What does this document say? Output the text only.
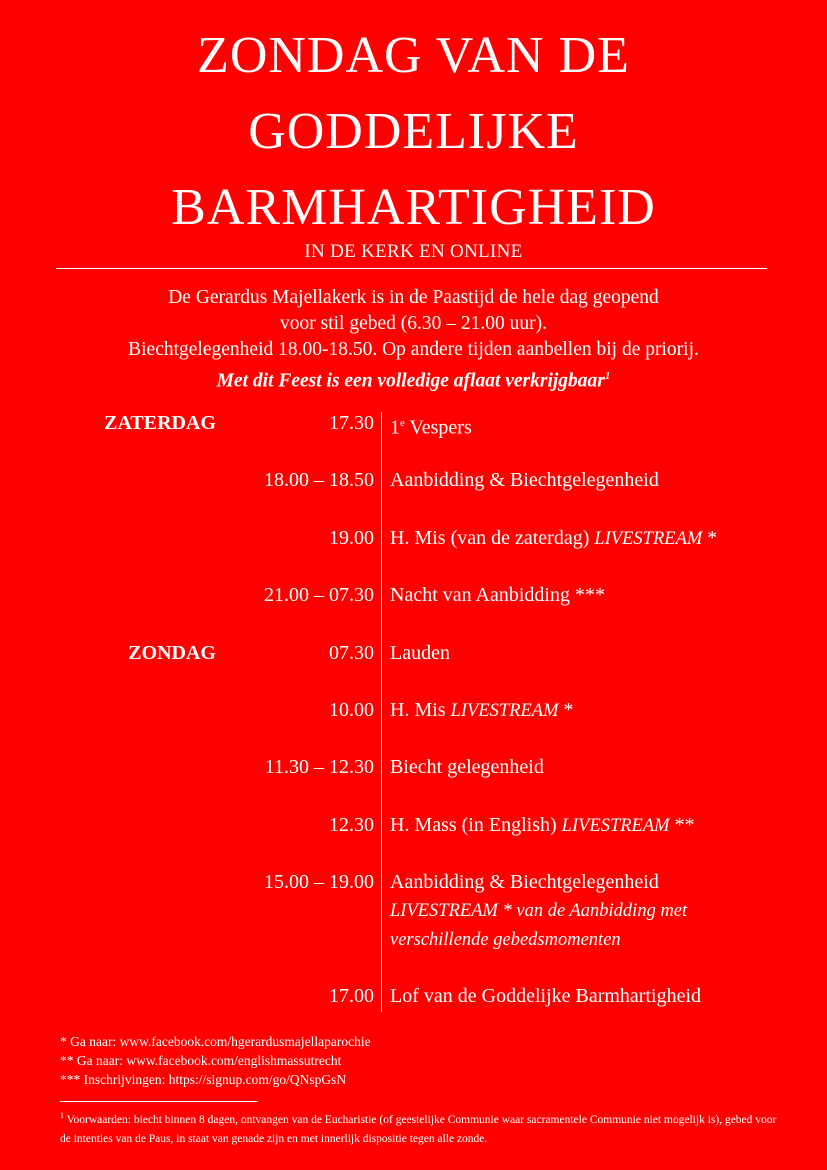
ZONDAG VAN DE
GODDELIJKE
BARMHARTIGHEID
IN DE KERK EN ONLINE
De Gerardus Majellakerk is in de Paastijd de hele dag geopend
voor stil gebed (6.30 – 21.00 uur).
Biechtgelegenheid 18.00-18.50. Op andere tijden aanbellen bij de priorij.
Met dit Feest is een volledige aflaat verkrijgbaar$^1$
ZATERDAG	17.30 1e Vespers
18.00 – 18.50 Aanbidding & Biechtgelegenheid
19.00 H. Mis (van de zaterdag) LIVESTREAM *
21.00 – 07.30 Nacht van Aanbidding ***
ZONDAG	07.30 Lauden
10.00 H. Mis LIVESTREAM *
11.30 – 12.30 Biecht gelegenheid
12.30 H. Mass (in English) LIVESTREAM **
15.00 – 19.00 Aanbidding & Biechtgelegenheid
LIVESTREAM * van de Aanbidding met
verschillende gebedsmomenten
17.00 Lof van de Goddelijke Barmhartigheid
* Ga naar: www.facebook.com/hgerardusmajellaparochie
** Ga naar: www.facebook.com/englishmassutrecht
*** Inschrijvingen: https://signup.com/go/QNspGsN
$^1$ Voorwaarden: biecht binnen 8 dagen, ontvangen van de Eucharistie (of geestelijke Communie waar sacramentele Communie niet mogelijk is), gebed voor de intenties van de Paus, in staat van genade zijn en met innerlijk dispositie tegen alle zonde.
